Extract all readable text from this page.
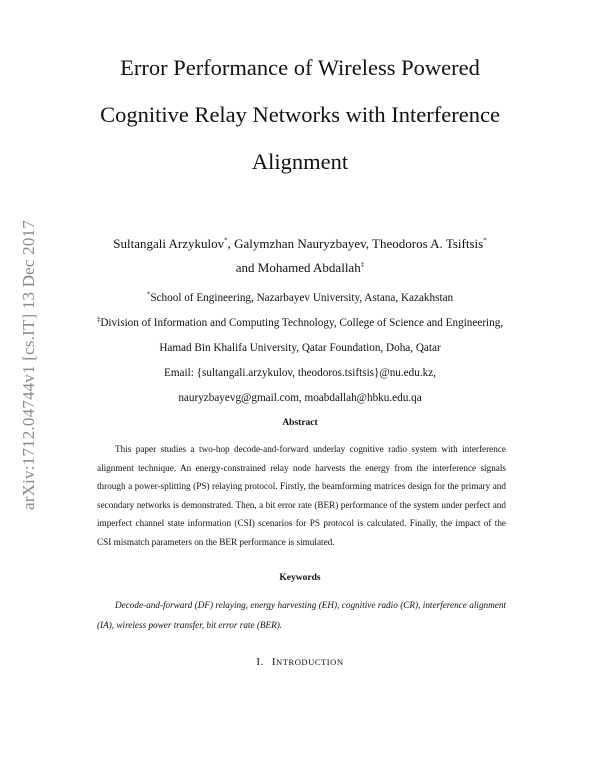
arXiv:1712.04744v1 [cs.IT] 13 Dec 2017
Error Performance of Wireless Powered
Cognitive Relay Networks with Interference
Alignment
Sultangali Arzykulov*, Galymzhan Nauryzbayev, Theodoros A. Tsiftsis*
and Mohamed Abdallah‡
*School of Engineering, Nazarbayev University, Astana, Kazakhstan
‡Division of Information and Computing Technology, College of Science and Engineering,
Hamad Bin Khalifa University, Qatar Foundation, Doha, Qatar
Email: {sultangali.arzykulov, theodoros.tsiftsis}@nu.edu.kz,
nauryzbayevg@gmail.com, moabdallah@hbku.edu.qa
Abstract
This paper studies a two-hop decode-and-forward underlay cognitive radio system with interference alignment technique. An energy-constrained relay node harvests the energy from the interference signals through a power-splitting (PS) relaying protocol. Firstly, the beamforming matrices design for the primary and secondary networks is demonstrated. Then, a bit error rate (BER) performance of the system under perfect and imperfect channel state information (CSI) scenarios for PS protocol is calculated. Finally, the impact of the CSI mismatch parameters on the BER performance is simulated.
Keywords
Decode-and-forward (DF) relaying, energy harvesting (EH), cognitive radio (CR), interference alignment (IA), wireless power transfer, bit error rate (BER).
I. INTRODUCTION
